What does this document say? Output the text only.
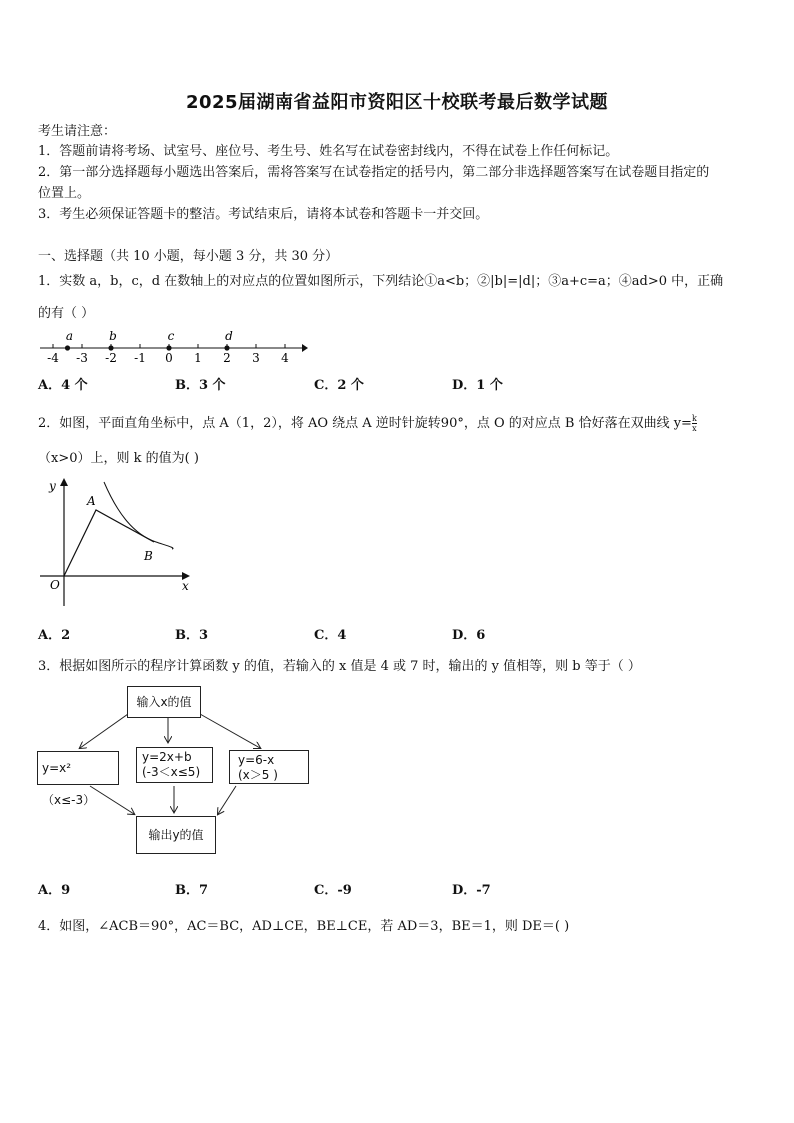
2025届湖南省益阳市资阳区十校联考最后数学试题
考生请注意：
1．答题前请将考场、试室号、座位号、考生号、姓名写在试卷密封线内，不得在试卷上作任何标记。
2．第一部分选择题每小题选出答案后，需将答案写在试卷指定的括号内，第二部分非选择题答案写在试卷题目指定的
位置上。
3．考生必须保证答题卡的整洁。考试结束后，请将本试卷和答题卡一并交回。
一、选择题（共 10 小题，每小题 3 分，共 30 分）
1．实数 a，b，c，d 在数轴上的对应点的位置如图所示，下列结论①a<b；②|b|=|d|；③a+c=a；④ad>0 中，正确
的有（ ）
-4 -3 -2 -1 0 1 2 3 4
a	b	c	d
A．4 个	B．3 个	C．2 个	D．1 个
2．如图，平面直角坐标中，点 A（1，2），将 AO 绕点 A 逆时针旋转90°，点 O 的对应点 B 恰好落在双曲线 $y= \frac{k}{x}$
（x>0）上，则 k 的值为( )
y
x
O
A
B
A．2	B．3	C．4	D．6
3．根据如图所示的程序计算函数 y 的值，若输入的 x 值是 4 或 7 时，输出的 y 值相等，则 b 等于（ ）
输入x的值
y=x²（x≤-3）
y=2x+b
(-3＜x≤5)
y=6-x
(x＞5 )
输出y的值
A．9	B．7	C．-9	D．-7
4．如图，∠ACB＝90°，AC＝BC，AD⊥CE，BE⊥CE，若 AD＝3，BE＝1，则 DE＝( )
